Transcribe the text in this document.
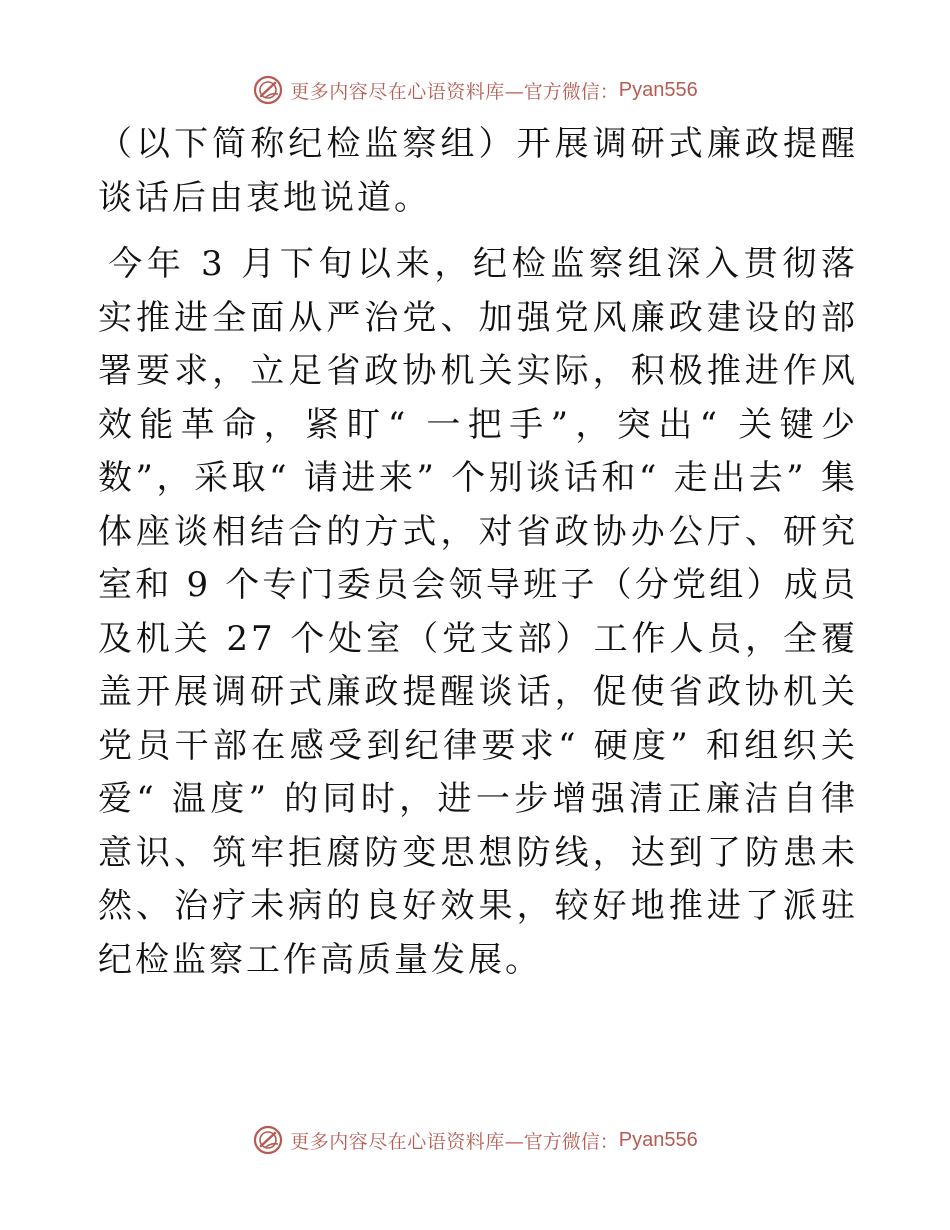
更多内容尽在心语资料库 —官方微信： Pyan556

（以下简称纪检监察组）开展调研式廉政提醒谈话后由衷地说道。

今年 3 月下旬以来，纪检监察组深入贯彻落实推进全面从严治党、加强党风廉政建设的部署要求，立足省政协机关实际，积极推进作风效能革命，紧盯“ 一把手”，突出“ 关键少数”，采取“ 请进来” 个别谈话和“ 走出去” 集体座谈相结合的方式，对省政协办公厅、研究室和 9 个专门委员会领导班子（分党组）成员及机关 27 个处室（党支部）工作人员，全覆盖开展调研式廉政提醒谈话，促使省政协机关党员干部在感受到纪律要求“ 硬度” 和组织关爱“ 温度” 的同时，进一步增强清正廉洁自律意识、筑牢拒腐防变思想防线，达到了防患未然、治疗未病的良好效果，较好地推进了派驻纪检监察工作高质量发展。

更多内容尽在心语资料库 —官方微信： Pyan556
